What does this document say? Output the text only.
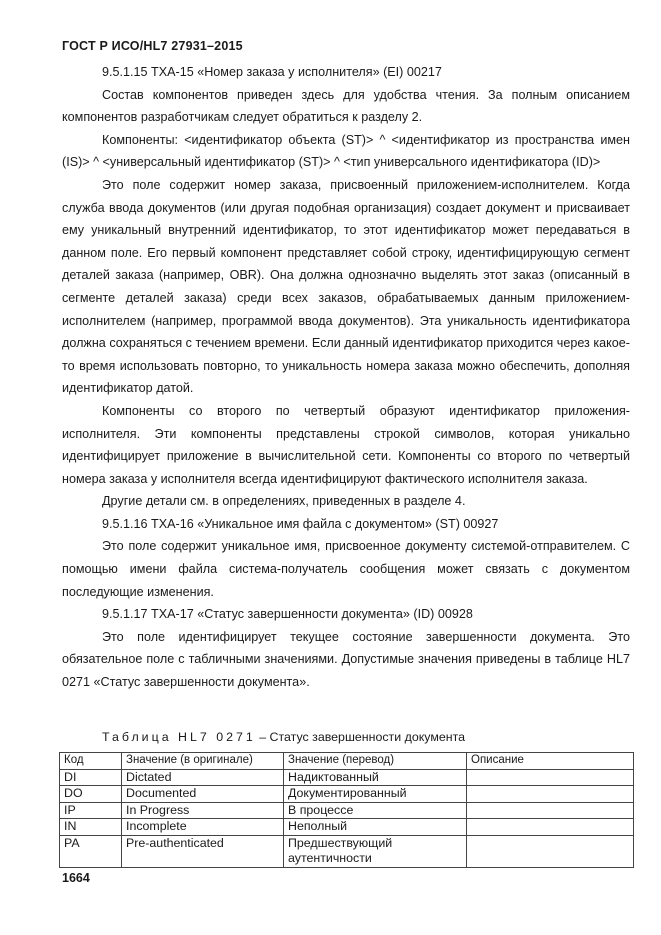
ГОСТ Р ИСО/HL7 27931–2015

9.5.1.15 ТХА-15 «Номер заказа у исполнителя» (EI) 00217

Состав компонентов приведен здесь для удобства чтения. За полным описанием компонентов разработчикам следует обратиться к разделу 2.

Компоненты: <идентификатор объекта (ST)> ^ <идентификатор из пространства имен (IS)> ^ <универсальный идентификатор (ST)> ^ <тип универсального идентификатора (ID)>

Это поле содержит номер заказа, присвоенный приложением-исполнителем. Когда служба ввода документов (или другая подобная организация) создает документ и присваивает ему уникальный внутренний идентификатор, то этот идентификатор может передаваться в данном поле. Его первый компонент представляет собой строку, идентифицирующую сегмент деталей заказа (например, OBR). Она должна однозначно выделять этот заказ (описанный в сегменте деталей заказа) среди всех заказов, обрабатываемых данным приложением-исполнителем (например, программой ввода документов). Эта уникальность идентификатора должна сохраняться с течением времени. Если данный идентификатор приходится через какое-то время использовать повторно, то уникальность номера заказа можно обеспечить, дополняя идентификатор датой.

Компоненты со второго по четвертый образуют идентификатор приложения-исполнителя. Эти компоненты представлены строкой символов, которая уникально идентифицирует приложение в вычислительной сети. Компоненты со второго по четвертый номера заказа у исполнителя всегда идентифицируют фактического исполнителя заказа.

Другие детали см. в определениях, приведенных в разделе 4.

9.5.1.16 ТХА-16 «Уникальное имя файла с документом» (ST) 00927

Это поле содержит уникальное имя, присвоенное документу системой-отправителем. С помощью имени файла система-получатель сообщения может связать с документом последующие изменения.

9.5.1.17 ТХА-17 «Статус завершенности документа» (ID) 00928

Это поле идентифицирует текущее состояние завершенности документа. Это обязательное поле с табличными значениями. Допустимые значения приведены в таблице HL7 0271 «Статус завершенности документа».

Таблица HL7 0271 – Статус завершенности документа
Код	Значение (в оригинале)	Значение (перевод)	Описание
DI	Dictated	Надиктованный	
DO	Documented	Документированный	
IP	In Progress	В процессе	
IN	Incomplete	Неполный	
PA	Pre-authenticated	Предшествующий аутентичности	
1664
